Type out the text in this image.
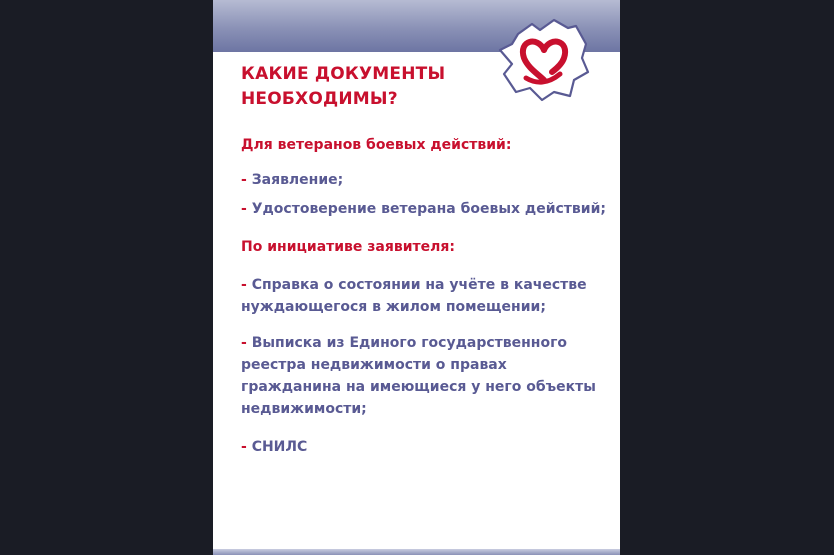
КАКИЕ ДОКУМЕНТЫ
НЕОБХОДИМЫ?

Для ветеранов боевых действий:

- Заявление;

- Удостоверение ветерана боевых действий;

По инициативе заявителя:

- Справка о состоянии на учёте в качестве нуждающегося в жилом помещении;

- Выписка из Единого государственного реестра недвижимости о правах гражданина на имеющиеся у него объекты недвижимости;

- СНИЛС
